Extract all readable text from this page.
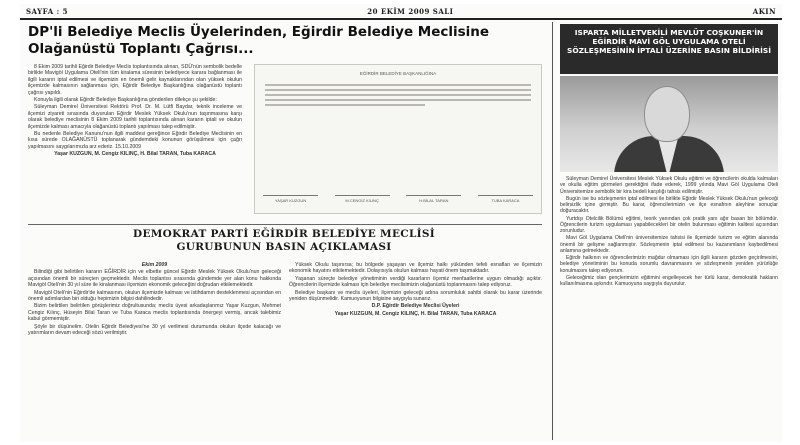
SAYFA : 5	20 EKİM 2009 SALI	AKIN
DP'li Belediye Meclis Üyelerinden, Eğirdir Belediye Meclisine Olağanüstü Toplantı Çağrısı...

8 Ekim 2009 tarihli Eğirdir Belediye Meclis toplantısında alınan, SDÜ'nün sembolik bedelle birlikte Mavigöl Uygulama Oteli'nin tüm kiralama süresinin belediyece karara bağlanması ile ilgili kararın iptal edilmesi ve ilçemizin en önemli gelir kaynaklarından olan yüksek okulun ilçemizde kalmasının sağlanması için, Eğirdir Belediye Başkanlığına olağanüstü toplantı çağrısı yapıldı.

Konuyla ilgili olarak Eğirdir Belediye Başkanlığına gönderilen dilekçe şu şekilde:

Süleyman Demirel Üniversitesi Rektörü Prof. Dr. M. Lütfi Baydar, teknik inceleme ve ilçemizi ziyareti sırasında duyurulan Eğirdir Meslek Yüksek Okulu'nun taşınmasına karşı olarak belediye meclisinin 8 Ekim 2009 tarihli toplantısında alınan kararın iptali ve okulun ilçemizde kalması amacıyla olağanüstü toplantı yapılması talep edilmiştir.

Bu nedenle Belediye Kanunu'nun ilgili maddesi gereğince Eğirdir Belediye Meclisinin en kısa sürede OLAĞANÜSTÜ toplanarak gündemdeki konunun görüşülmesi için çağrı yapılmasını saygılarımızla arz ederiz. 15.10.2009

Yaşar KUZGUN, M. Cengiz KILINÇ, H. Bilal TARAN, Tuba KARACA

EĞİRDİR BELEDİYE BAŞKANLIĞINA
YAŞAR KUZGUN	M.CENGİZ KILINÇ	H.BİLAL TARAN	TUBA KARACA
DEMOKRAT PARTİ EĞİRDİR BELEDİYE MECLİSİ GURUBUNUN BASIN AÇIKLAMASI

Ekim 2009

Bilindiği gibi belirtilen kararın EĞİRDİR için ve elbette güncel Eğirdir Meslek Yüksek Okulu'nun geleceği açısından önemli bir süreçten geçmektedir. Meclis toplantısı sırasında gündemde yer alan konu hakkında Mavigöl Oteli'nin 30 yıl süre ile kiralanması ilçemizin ekonomik geleceğini doğrudan etkilemektedir.

Mavigöl Oteli'nin Eğirdir'de kalmasının, okulun ilçemizde kalması ve istihdamın desteklenmesi açısından en önemli adımlardan biri olduğu hepimizin bilgisi dahilindedir.

Bizim belirtilen belirtilen görüşlerimiz doğrultusunda; meclis üyesi arkadaşlarımız Yaşar Kuzgun, Mehmet Cengiz Kılınç, Hüseyin Bilal Taran ve Tuba Karaca meclis toplantısında önergeyi vermiş, ancak talebimiz kabul görmemiştir.

Şöyle bir düşünelim. Otelin Eğirdir Belediyesi'ne 30 yıl verilmesi durumunda okulun ilçede kalacağı ve yatırımların devam edeceği sözü verilmiştir.

Yüksek Okulu taşınırsa; bu bölgede yaşayan ve ilçemiz halkı yükünden tefeli esnafları ve ilçemizin ekonomik hayatını etkilemektedir. Dolayısıyla okulun kalması hayati önem taşımaktadır.

Yaşanan süreçte belediye yönetiminin verdiği kararların ilçemiz menfaatlerine uygun olmadığı açıktır. Öğrencilerin ilçemizde kalması için belediye meclisimizin olağanüstü toplanmasını talep ediyoruz.

Belediye başkanı ve meclis üyeleri, ilçemizin geleceği adına sorumluluk sahibi olarak bu karar üzerinde yeniden düşünmelidir. Kamuoyunun bilgisine saygıyla sunarız.

D.P. Eğirdir Belediye Meclisi Üyeleri

Yaşar KUZGUN, M. Cengiz KILINÇ, H. Bilal TARAN, Tuba KARACA

ISPARTA MİLLETVEKİLİ MEVLÜT COŞKUNER'İN EĞİRDİR MAVİ GÖL UYGULAMA OTELİ SÖZLEŞMESİNİN İPTALİ ÜZERİNE BASIN BİLDİRİSİ

Süleyman Demirel Üniversitesi Meslek Yüksek Okulu eğitimi ve öğrencilerin okulda kalmaları ve okulla eğitim görmeleri gerektiğini ifade ederek, 1999 yılında Mavi Göl Uygulama Oteli Üniversitemize sembolik bir kira bedeli karşılığı tahsis edilmiştir.

Bugün ise bu sözleşmenin iptal edilmesi ile birlikte Eğirdir Meslek Yüksek Okulu'nun geleceği belirsizlik içine girmiştir. Bu karar, öğrencilerimizin ve ilçe esnafının aleyhine sonuçlar doğuracaktır.

Yurtdışı Otelcilik Bölümü eğitimi, teorik yanından çok pratik yanı ağır basan bir bölümdür. Öğrencilerin turizm uygulaması yapabilecekleri bir otelin bulunması eğitimin kalitesi açısından zorunludur.

Mavi Göl Uygulama Oteli'nin üniversitemize tahsisi ile ilçemizde turizm ve eğitim alanında önemli bir gelişme sağlanmıştır. Sözleşmenin iptal edilmesi bu kazanımların kaybedilmesi anlamına gelmektedir.

Eğirdir halkının ve öğrencilerimizin mağdur olmaması için ilgili kararın gözden geçirilmesini, belediye yönetiminin bu konuda sorumlu davranmasını ve sözleşmenin yeniden yürürlüğe konulmasını talep ediyorum.

Geleceğimiz olan gençlerimizin eğitimini engelleyecek her türlü karar, demokratik hakların kullanılmasına aykırıdır. Kamuoyuna saygıyla duyurulur.
